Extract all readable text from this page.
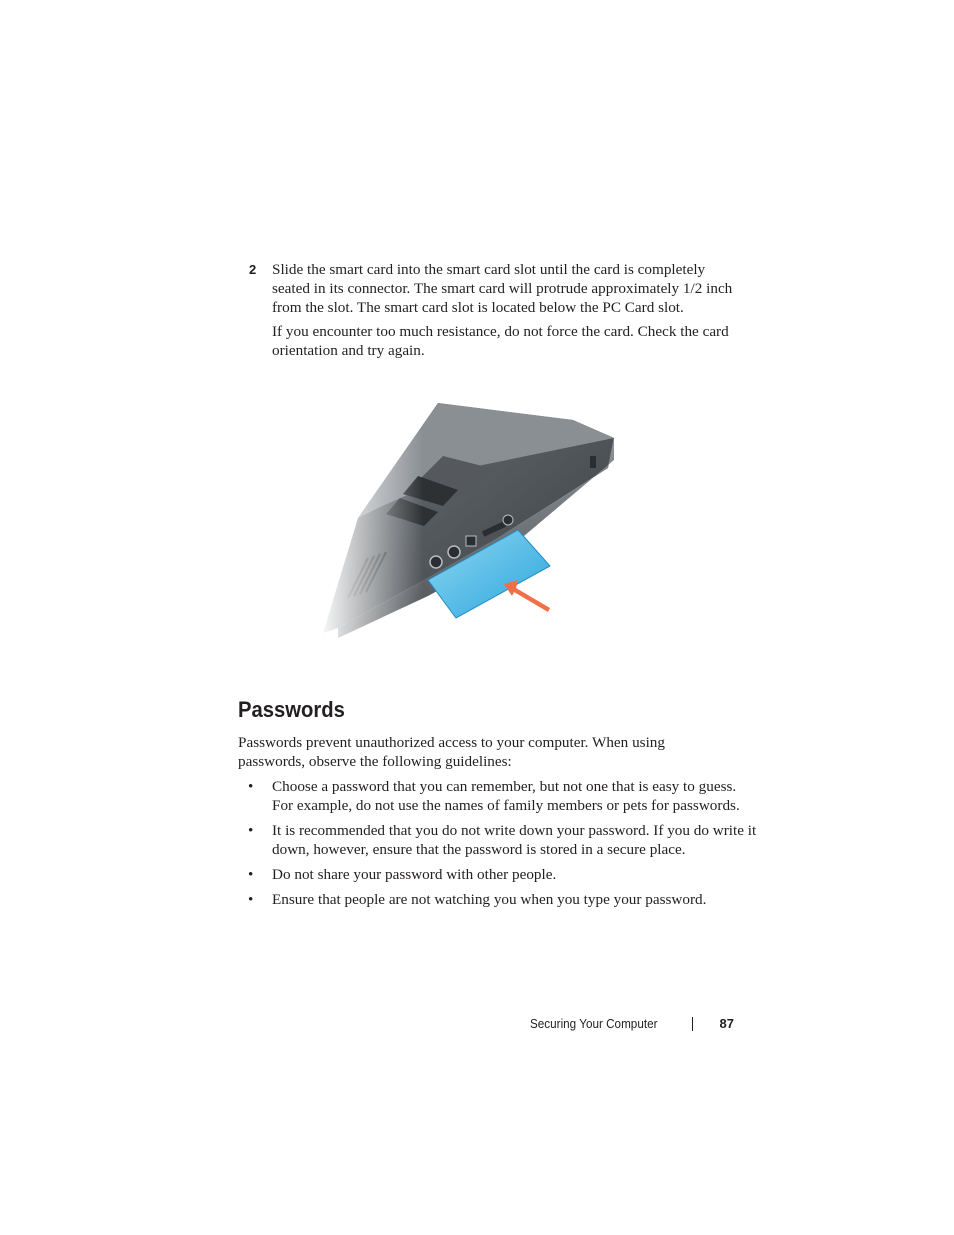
2 Slide the smart card into the smart card slot until the card is completely seated in its connector. The smart card will protrude approximately 1/2 inch from the slot. The smart card slot is located below the PC Card slot.
If you encounter too much resistance, do not force the card. Check the card orientation and try again.
Passwords
Passwords prevent unauthorized access to your computer. When using passwords, observe the following guidelines:
• Choose a password that you can remember, but not one that is easy to guess. For example, do not use the names of family members or pets for passwords.
• It is recommended that you do not write down your password. If you do write it down, however, ensure that the password is stored in a secure place.
• Do not share your password with other people.
• Ensure that people are not watching you when you type your password.
Securing Your Computer	87
